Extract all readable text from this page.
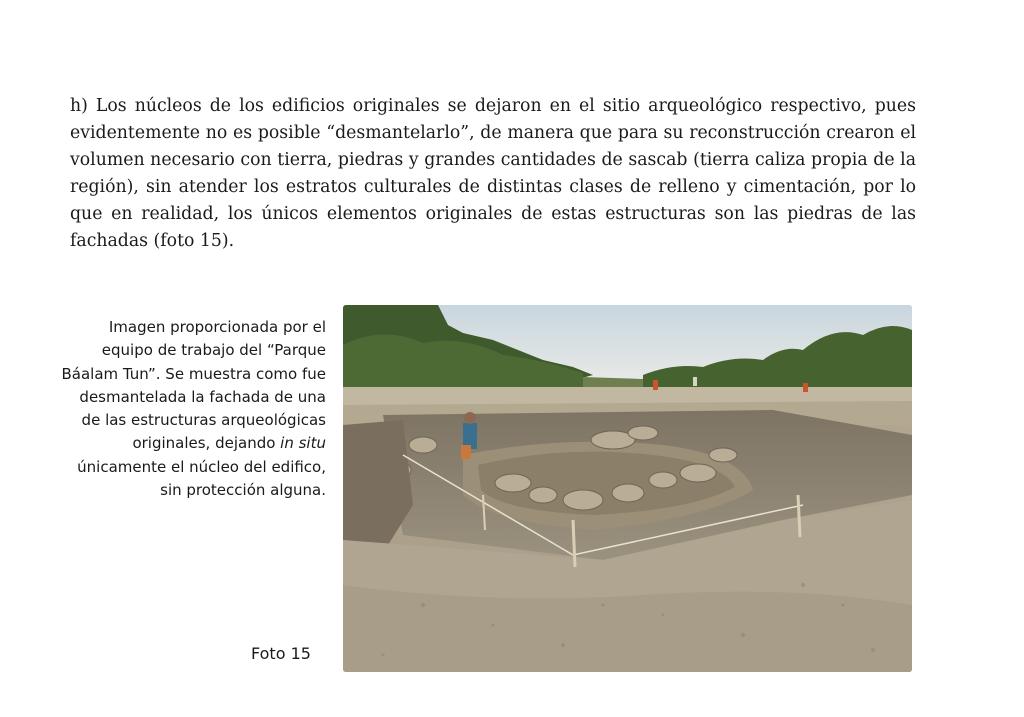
h) Los núcleos de los edificios originales se dejaron en el sitio arqueológico respectivo, pues evidentemente no es posible “desmantelarlo”, de manera que para su reconstrucción crearon el volumen necesario con tierra, piedras y grandes cantidades de sascab (tierra caliza propia de la región), sin atender los estratos culturales de distintas clases de relleno y cimentación, por lo que en realidad, los únicos elementos originales de estas estructuras son las piedras de las fachadas (foto 15).

Imagen proporcionada por el equipo de trabajo del “Parque Báalam Tun”. Se muestra como fue desmantelada la fachada de una de las estructuras arqueológicas originales, dejando in situ únicamente el núcleo del edifico, sin protección alguna.

Foto 15
